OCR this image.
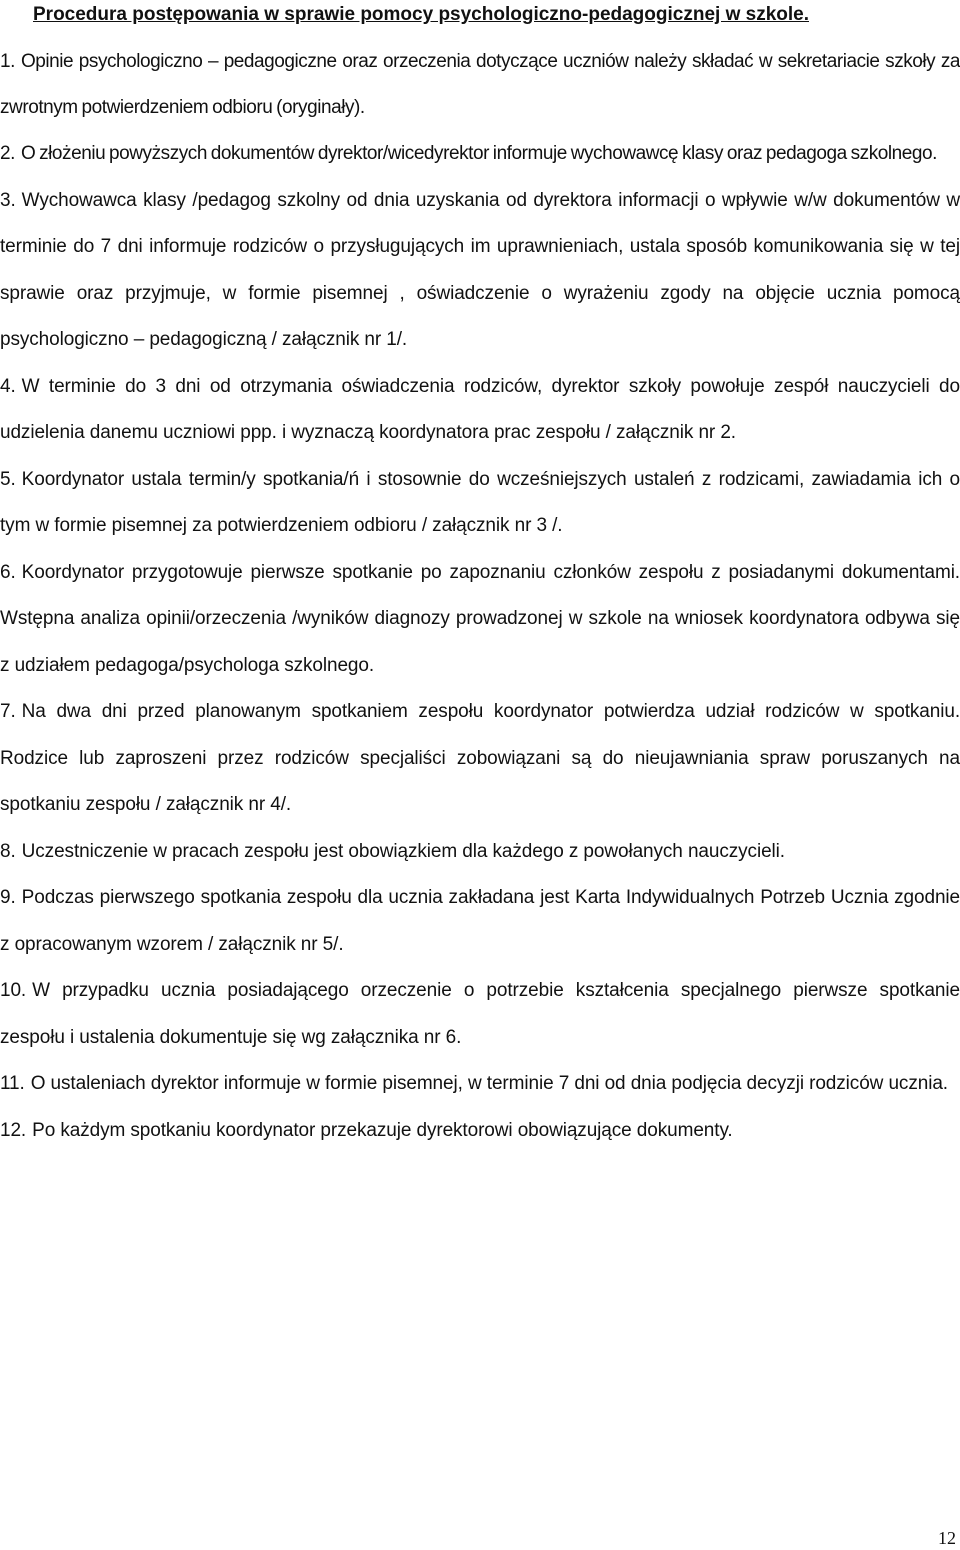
Procedura postępowania w sprawie pomocy psychologiczno-pedagogicznej w szkole.

1. Opinie psychologiczno – pedagogiczne oraz orzeczenia dotyczące uczniów należy składać w sekretariacie szkoły za zwrotnym potwierdzeniem odbioru (oryginały).

2. O złożeniu powyższych dokumentów dyrektor/wicedyrektor informuje wychowawcę klasy oraz pedagoga szkolnego.

3. Wychowawca klasy /pedagog szkolny od dnia uzyskania od dyrektora informacji o wpływie w/w dokumentów w terminie do 7 dni informuje rodziców o przysługujących im uprawnieniach, ustala sposób komunikowania się w tej sprawie oraz przyjmuje, w formie pisemnej , oświadczenie o wyrażeniu zgody na objęcie ucznia pomocą psychologiczno – pedagogiczną / załącznik nr 1/.

4. W terminie do 3 dni od otrzymania oświadczenia rodziców, dyrektor szkoły powołuje zespół nauczycieli do udzielenia danemu uczniowi ppp. i wyznaczą koordynatora prac zespołu / załącznik nr 2.

5. Koordynator ustala termin/y spotkania/ń i stosownie do wcześniejszych ustaleń z rodzicami, zawiadamia ich o tym w formie pisemnej za potwierdzeniem odbioru / załącznik nr 3 /.

6. Koordynator przygotowuje pierwsze spotkanie po zapoznaniu członków zespołu z posiadanymi dokumentami. Wstępna analiza opinii/orzeczenia /wyników diagnozy prowadzonej w szkole na wniosek koordynatora odbywa się z udziałem pedagoga/psychologa szkolnego.

7. Na dwa dni przed planowanym spotkaniem zespołu koordynator potwierdza udział rodziców w spotkaniu. Rodzice lub zaproszeni przez rodziców specjaliści zobowiązani są do nieujawniania spraw poruszanych na spotkaniu zespołu / załącznik nr 4/.

8. Uczestniczenie w pracach zespołu jest obowiązkiem dla każdego z powołanych nauczycieli.

9. Podczas pierwszego spotkania zespołu dla ucznia zakładana jest Karta Indywidualnych Potrzeb Ucznia zgodnie z opracowanym wzorem / załącznik nr 5/.

10. W przypadku ucznia posiadającego orzeczenie o potrzebie kształcenia specjalnego pierwsze spotkanie zespołu i ustalenia dokumentuje się wg załącznika nr 6.

11. O ustaleniach dyrektor informuje w formie pisemnej, w terminie 7 dni od dnia podjęcia decyzji rodziców ucznia.

12. Po każdym spotkaniu koordynator przekazuje dyrektorowi obowiązujące dokumenty.

12
